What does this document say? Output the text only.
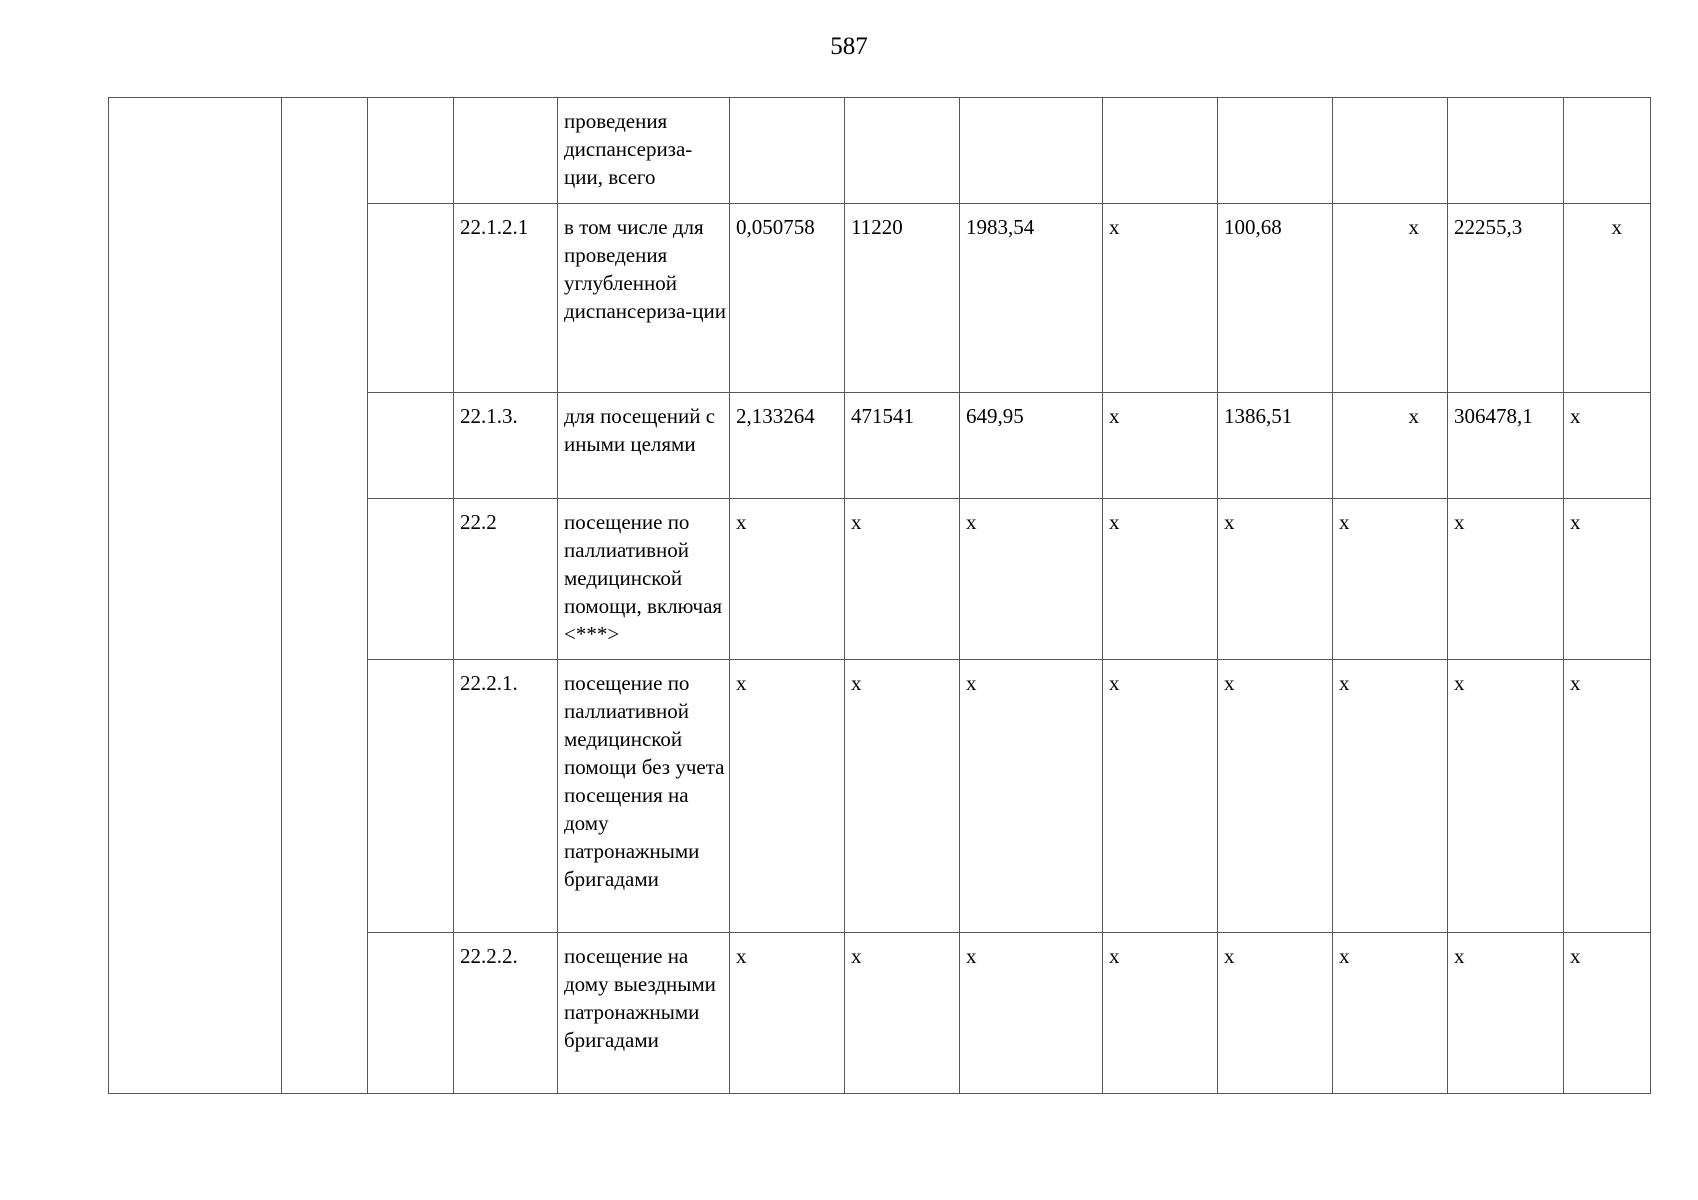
587
				проведения диспансериза-ции, всего								
			22.1.2.1	в том числе для проведения углубленной диспансериза-ции	0,050758	11220	1983,54	х	100,68	х	22255,3	х
			22.1.3.	для посещений с иными целями	2,133264	471541	649,95	х	1386,51	х	306478,1	х
			22.2	посещение по паллиативной медицинской помощи, включая <***>	х	х	х	х	х	х	х	х
			22.2.1.	посещение по паллиативной медицинской помощи без учета посещения на дому патронажными бригадами	х	х	х	х	х	х	х	х
			22.2.2.	посещение на дому выездными патронажными бригадами	х	х	х	х	х	х	х	х
